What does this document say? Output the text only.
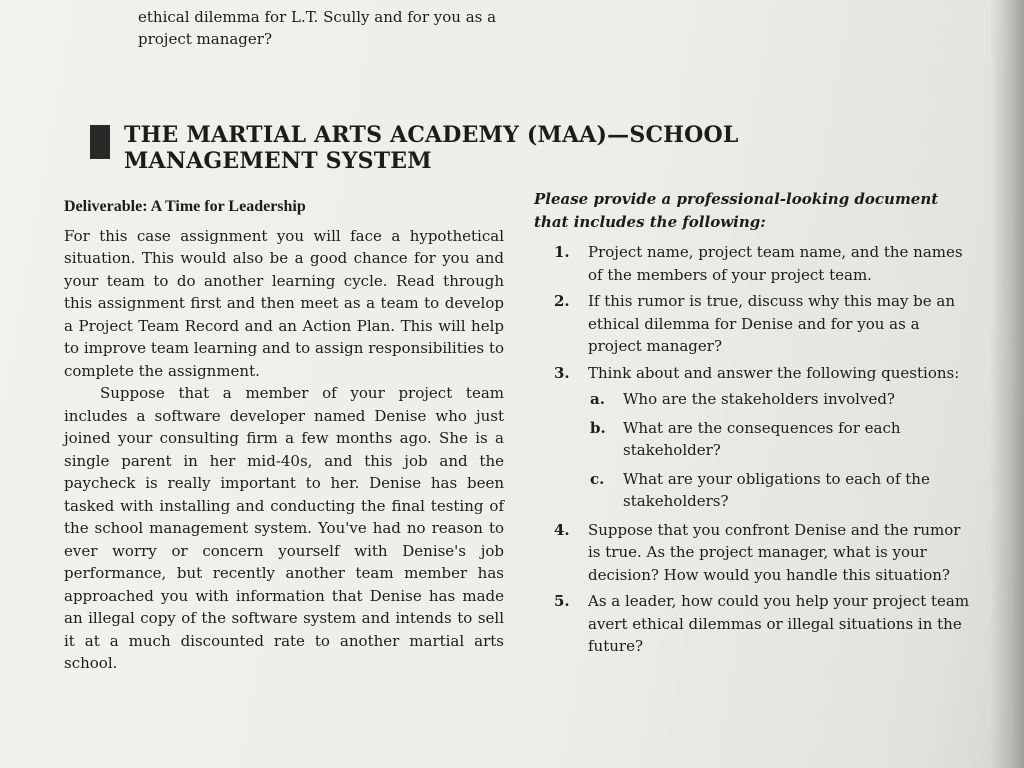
ethical dilemma for L.T. Scully and for you as a
project manager?
THE MARTIAL ARTS ACADEMY (MAA)—SCHOOL
MANAGEMENT SYSTEM
Deliverable: A Time for Leadership

For this case assignment you will face a hypothetical situation. This would also be a good chance for you and your team to do another learning cycle. Read through this assignment first and then meet as a team to develop a Project Team Record and an Action Plan. This will help to improve team learning and to assign responsibilities to complete the assignment.

Suppose that a member of your project team includes a software developer named Denise who just joined your consulting firm a few months ago. She is a single parent in her mid-40s, and this job and the paycheck is really important to her. Denise has been tasked with installing and conducting the final testing of the school management system. You've had no reason to ever worry or concern yourself with Denise's job performance, but recently another team member has approached you with information that Denise has made an illegal copy of the software system and intends to sell it at a much discounted rate to another martial arts school.

Please provide a professional-looking document that includes the following:

1. Project name, project team name, and the names of the members of your project team.
2. If this rumor is true, discuss why this may be an ethical dilemma for Denise and for you as a project manager?
3. Think about and answer the following questions:
a. Who are the stakeholders involved?
b. What are the consequences for each stakeholder?
c. What are your obligations to each of the stakeholders?
4. Suppose that you confront Denise and the rumor is true. As the project manager, what is your decision? How would you handle this situation?
5. As a leader, how could you help your project team avert ethical dilemmas or illegal situations in the future?
